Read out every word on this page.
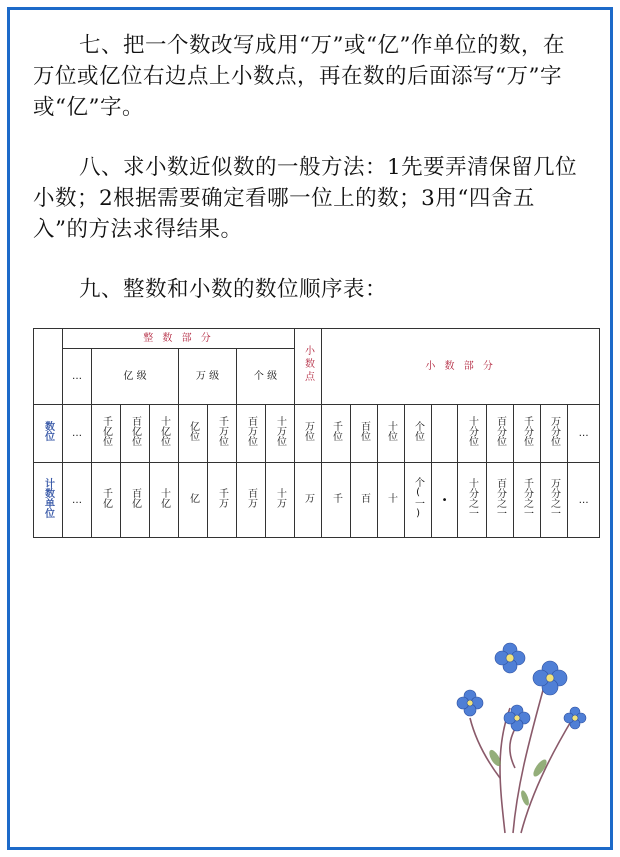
七、把一个数改写成用“万”或“亿”作单位的数，在万位或亿位右边点上小数点，再在数的后面添写“万”字或“亿”字。
八、求小数近似数的一般方法：1先要弄清保留几位小数；2根据需要确定看哪一位上的数；3用“四舍五入”的方法求得结果。
九、整数和小数的数位顺序表：
	整 数 部 分								小数点	小 数 部 分									
	…	亿 级			万 级		个 级												
数位	…	千亿位	百亿位	十亿位	亿位	千万位	百万位	十万位	万位	千位	百位	十位	个位		十分位	百分位	千分位	万分位	…
计数单位	…	千亿	百亿	十亿	亿	千万	百万	十万	万	千	百	十	个(一)	•	十分之一	百分之一	千分之一	万分之一	…
